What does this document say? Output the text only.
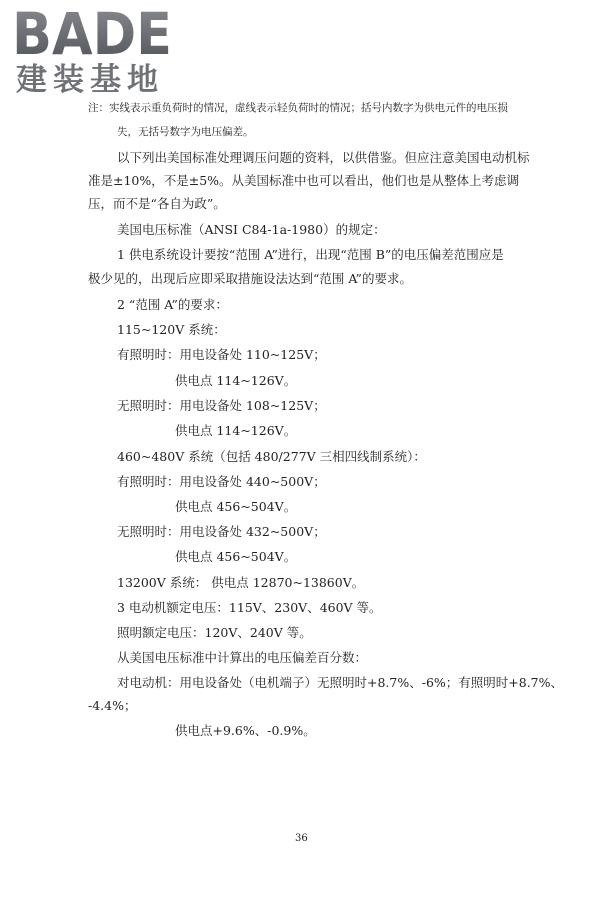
BADE
建装基地
注：实线表示重负荷时的情况，虚线表示轻负荷时的情况；括号内数字为供电元件的电压损
失，无括号数字为电压偏差。
以下列出美国标准处理调压问题的资料，以供借鉴。但应注意美国电动机标
准是±10%，不是±5%。从美国标准中也可以看出，他们也是从整体上考虑调
压，而不是“各自为政”。
美国电压标准（ANSI C84-1a-1980）的规定：
1 供电系统设计要按“范围 A”进行，出现“范围 B”的电压偏差范围应是
极少见的，出现后应即采取措施设法达到“范围 A”的要求。
2 “范围 A”的要求：
115~120V 系统：
有照明时：用电设备处 110~125V；
供电点 114~126V。
无照明时：用电设备处 108~125V；
供电点 114~126V。
460~480V 系统（包括 480/277V 三相四线制系统）：
有照明时：用电设备处 440~500V；
供电点 456~504V。
无照明时：用电设备处 432~500V；
供电点 456~504V。
13200V 系统： 供电点 12870~13860V。
3 电动机额定电压：115V、230V、460V 等。
照明额定电压：120V、240V 等。
从美国电压标准中计算出的电压偏差百分数：
对电动机：用电设备处（电机端子）无照明时+8.7%、-6%；有照明时+8.7%、
-4.4%；
供电点+9.6%、-0.9%。
36
